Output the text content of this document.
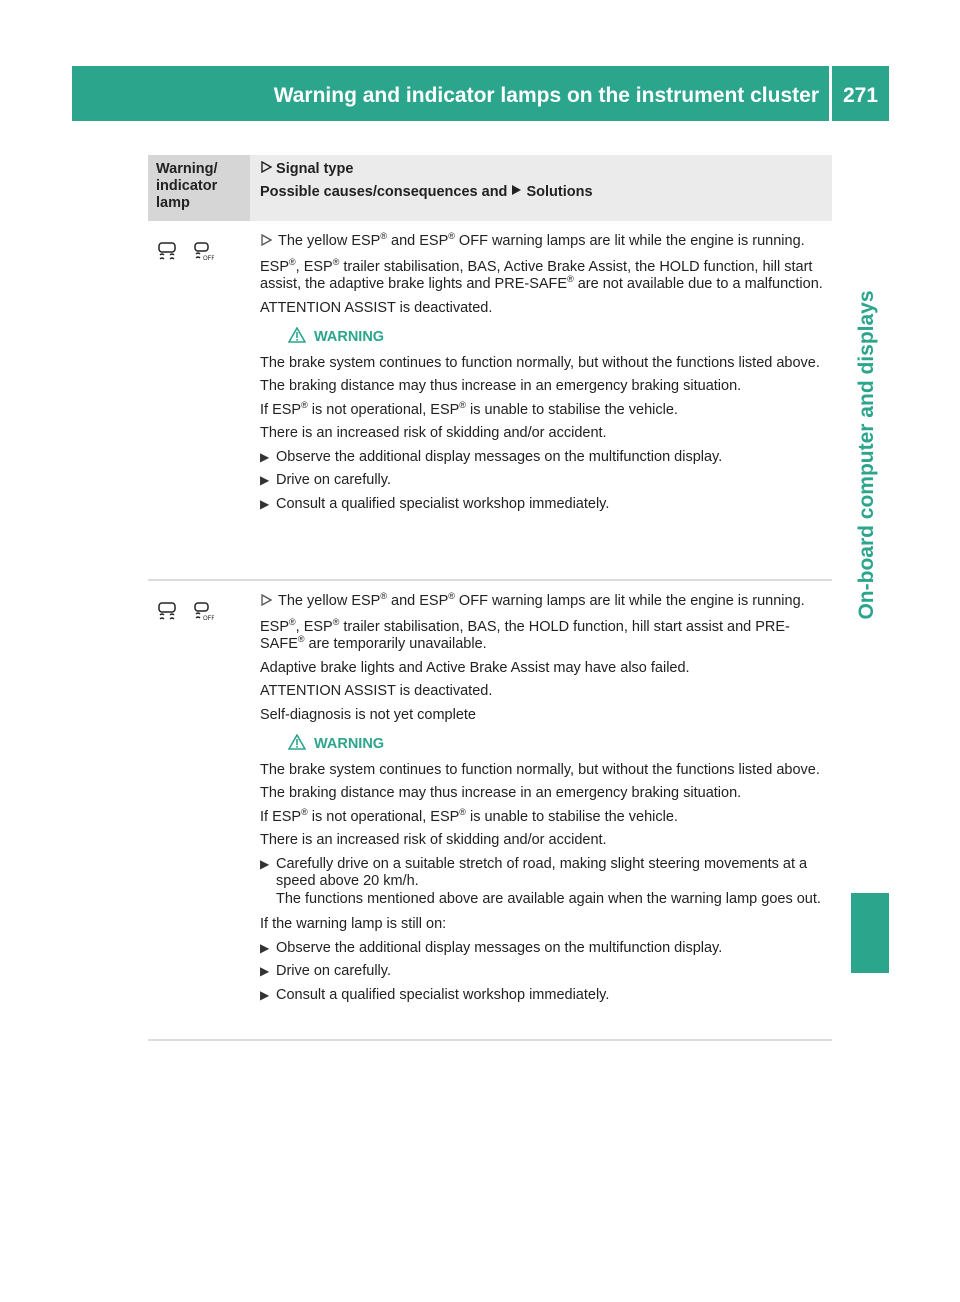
Warning and indicator lamps on the instrument cluster	271
On-board computer and displays
Warning/ indicator lamp
Signal type
Possible causes/consequences and Solutions
OFF

The yellow ESP® and ESP® OFF warning lamps are lit while the engine is running.

ESP®, ESP® trailer stabilisation, BAS, Active Brake Assist, the HOLD function, hill start assist, the adaptive brake lights and PRE-SAFE® are not available due to a malfunction.

ATTENTION ASSIST is deactivated.

WARNING

The brake system continues to function normally, but without the functions listed above.

The braking distance may thus increase in an emergency braking situation.

If ESP® is not operational, ESP® is unable to stabilise the vehicle.

There is an increased risk of skidding and/or accident.

▶ Observe the additional display messages on the multifunction display.
▶ Drive on carefully.
▶ Consult a qualified specialist workshop immediately.
OFF

The yellow ESP® and ESP® OFF warning lamps are lit while the engine is running.

ESP®, ESP® trailer stabilisation, BAS, the HOLD function, hill start assist and PRE-SAFE® are temporarily unavailable.

Adaptive brake lights and Active Brake Assist may have also failed.

ATTENTION ASSIST is deactivated.

Self-diagnosis is not yet complete

WARNING

The brake system continues to function normally, but without the functions listed above.

The braking distance may thus increase in an emergency braking situation.

If ESP® is not operational, ESP® is unable to stabilise the vehicle.

There is an increased risk of skidding and/or accident.

▶ Carefully drive on a suitable stretch of road, making slight steering movements at a speed above 20 km/h.
The functions mentioned above are available again when the warning lamp goes out.

If the warning lamp is still on:

▶ Observe the additional display messages on the multifunction display.
▶ Drive on carefully.
▶ Consult a qualified specialist workshop immediately.
